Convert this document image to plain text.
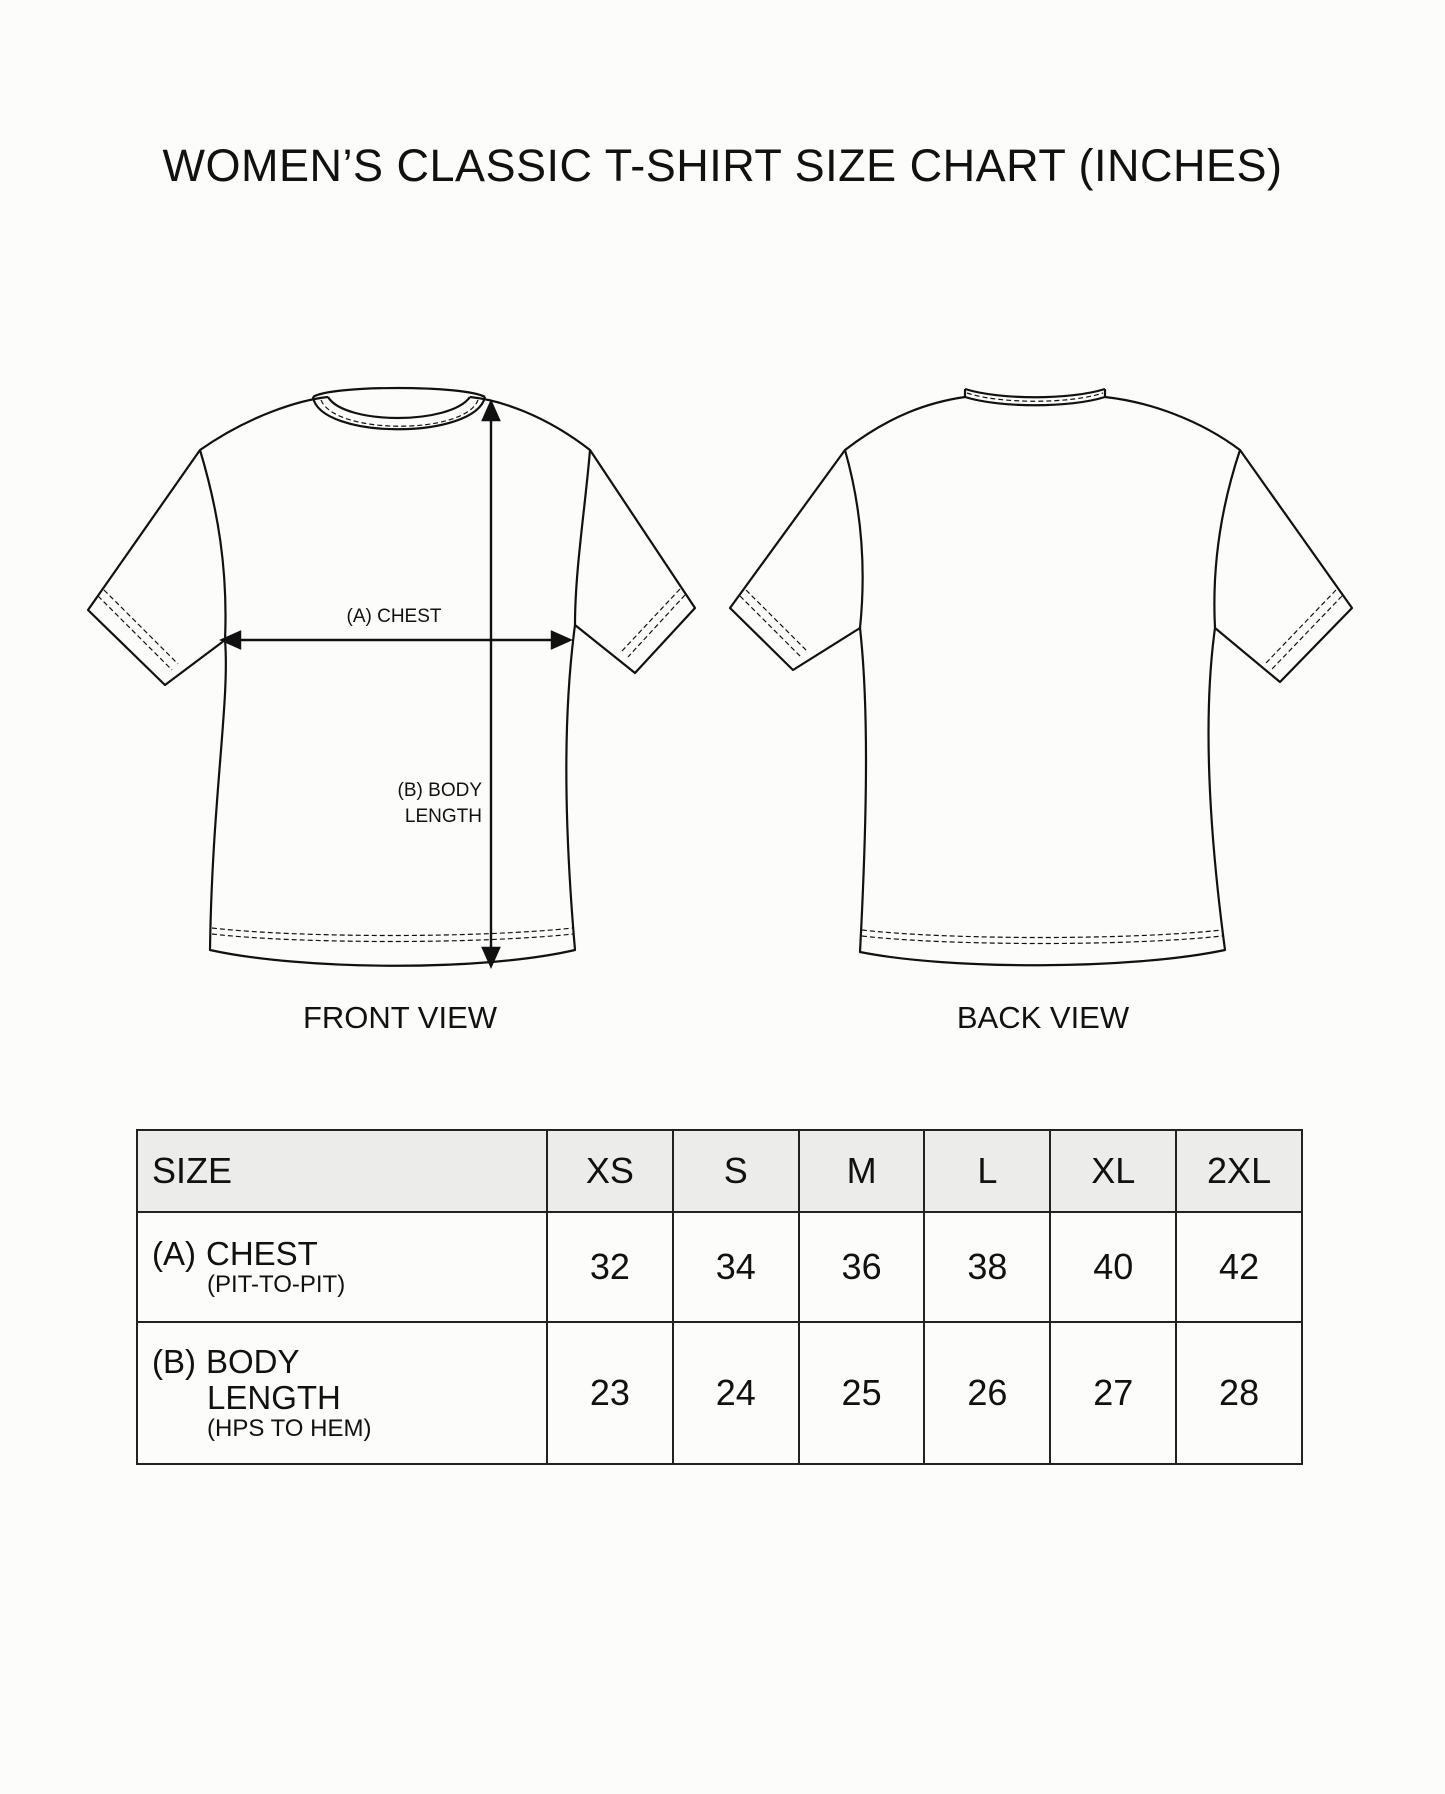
WOMEN’S CLASSIC T-SHIRT SIZE CHART (INCHES)
(A) CHEST
(B) BODY
LENGTH
FRONT VIEW	BACK VIEW
SIZE	XS	S	M	L	XL	2XL

(A) CHEST
(PIT-TO-PIT)	32	34	36	38	40	42

(B) BODY
LENGTH
(HPS TO HEM)	23	24	25	26	27	28
